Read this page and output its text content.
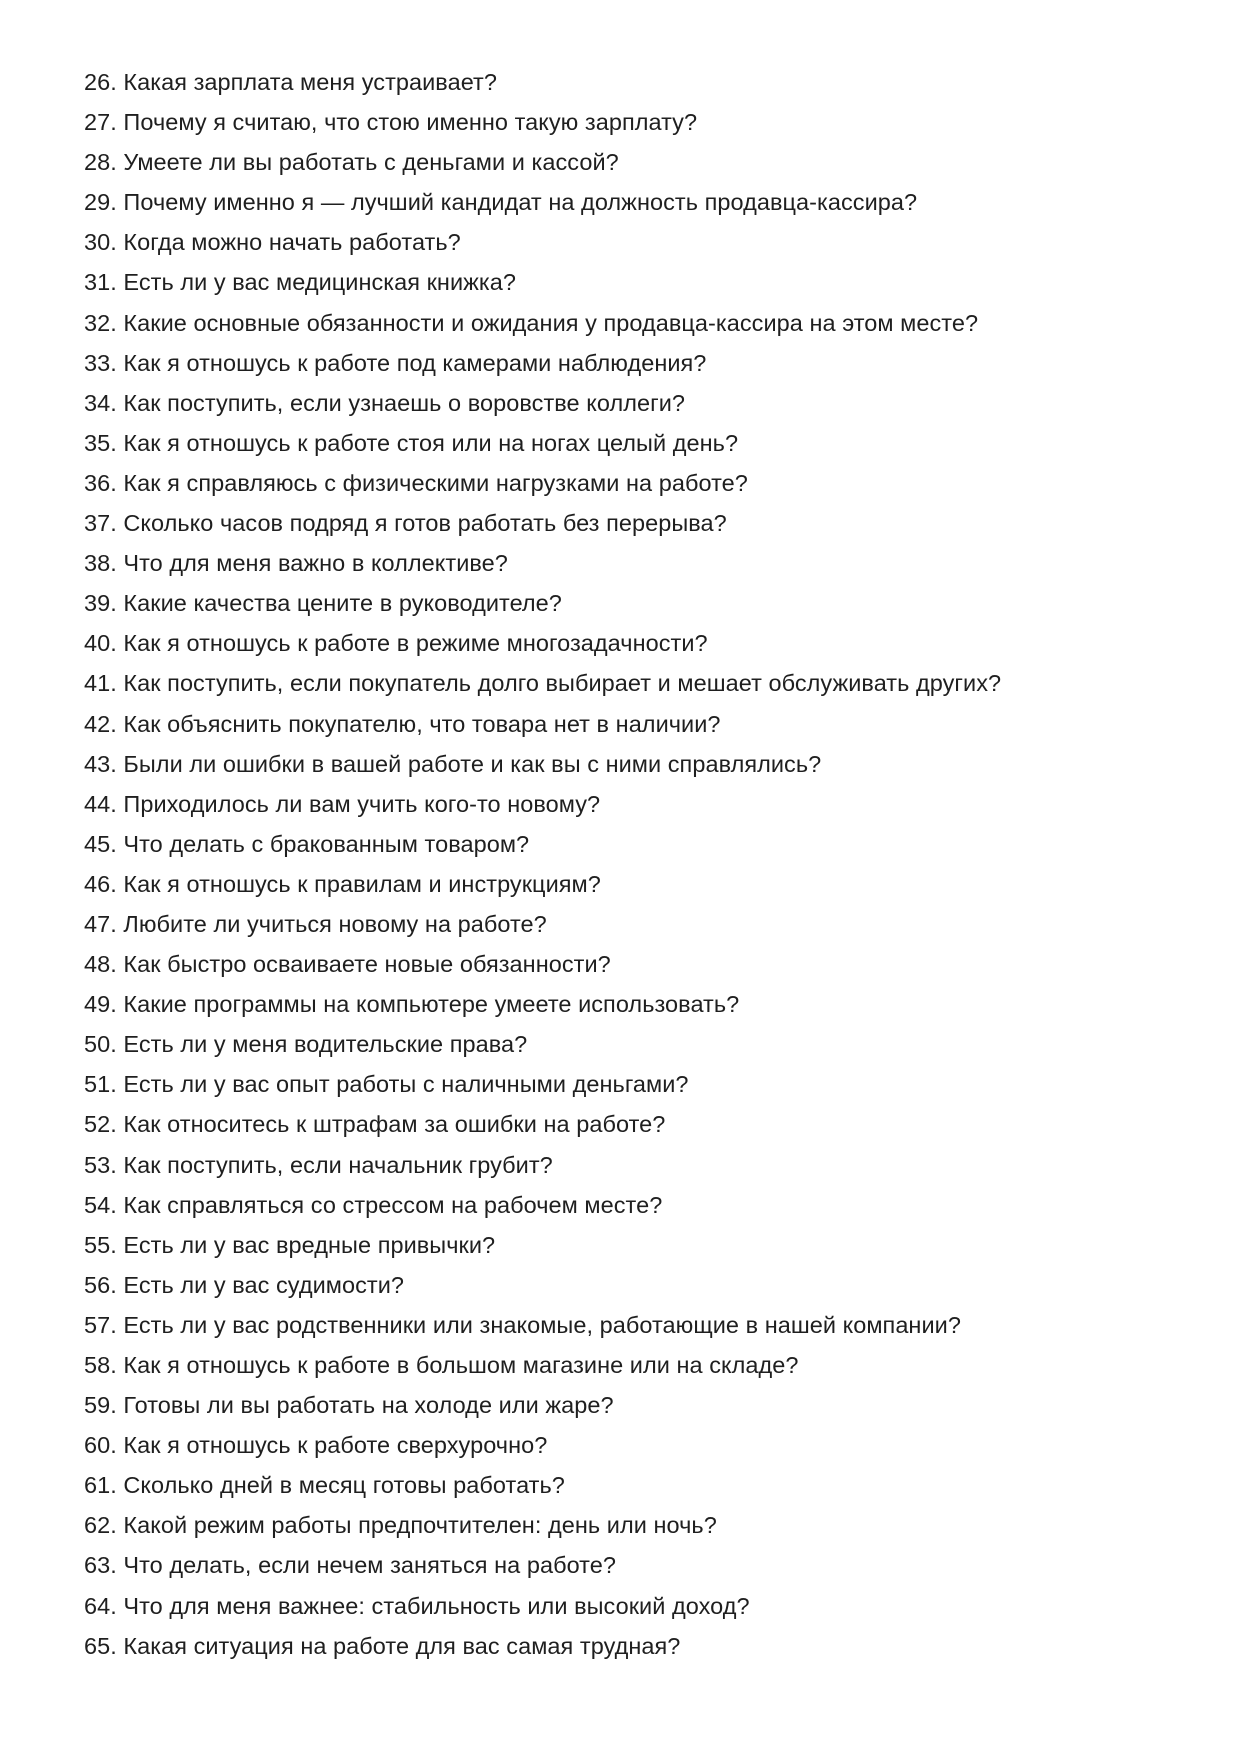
26. Какая зарплата меня устраивает?
27. Почему я считаю, что стою именно такую зарплату?
28. Умеете ли вы работать с деньгами и кассой?
29. Почему именно я — лучший кандидат на должность продавца-кассира?
30. Когда можно начать работать?
31. Есть ли у вас медицинская книжка?
32. Какие основные обязанности и ожидания у продавца-кассира на этом месте?
33. Как я отношусь к работе под камерами наблюдения?
34. Как поступить, если узнаешь о воровстве коллеги?
35. Как я отношусь к работе стоя или на ногах целый день?
36. Как я справляюсь с физическими нагрузками на работе?
37. Сколько часов подряд я готов работать без перерыва?
38. Что для меня важно в коллективе?
39. Какие качества цените в руководителе?
40. Как я отношусь к работе в режиме многозадачности?
41. Как поступить, если покупатель долго выбирает и мешает обслуживать других?
42. Как объяснить покупателю, что товара нет в наличии?
43. Были ли ошибки в вашей работе и как вы с ними справлялись?
44. Приходилось ли вам учить кого-то новому?
45. Что делать с бракованным товаром?
46. Как я отношусь к правилам и инструкциям?
47. Любите ли учиться новому на работе?
48. Как быстро осваиваете новые обязанности?
49. Какие программы на компьютере умеете использовать?
50. Есть ли у меня водительские права?
51. Есть ли у вас опыт работы с наличными деньгами?
52. Как относитесь к штрафам за ошибки на работе?
53. Как поступить, если начальник грубит?
54. Как справляться со стрессом на рабочем месте?
55. Есть ли у вас вредные привычки?
56. Есть ли у вас судимости?
57. Есть ли у вас родственники или знакомые, работающие в нашей компании?
58. Как я отношусь к работе в большом магазине или на складе?
59. Готовы ли вы работать на холоде или жаре?
60. Как я отношусь к работе сверхурочно?
61. Сколько дней в месяц готовы работать?
62. Какой режим работы предпочтителен: день или ночь?
63. Что делать, если нечем заняться на работе?
64. Что для меня важнее: стабильность или высокий доход?
65. Какая ситуация на работе для вас самая трудная?
